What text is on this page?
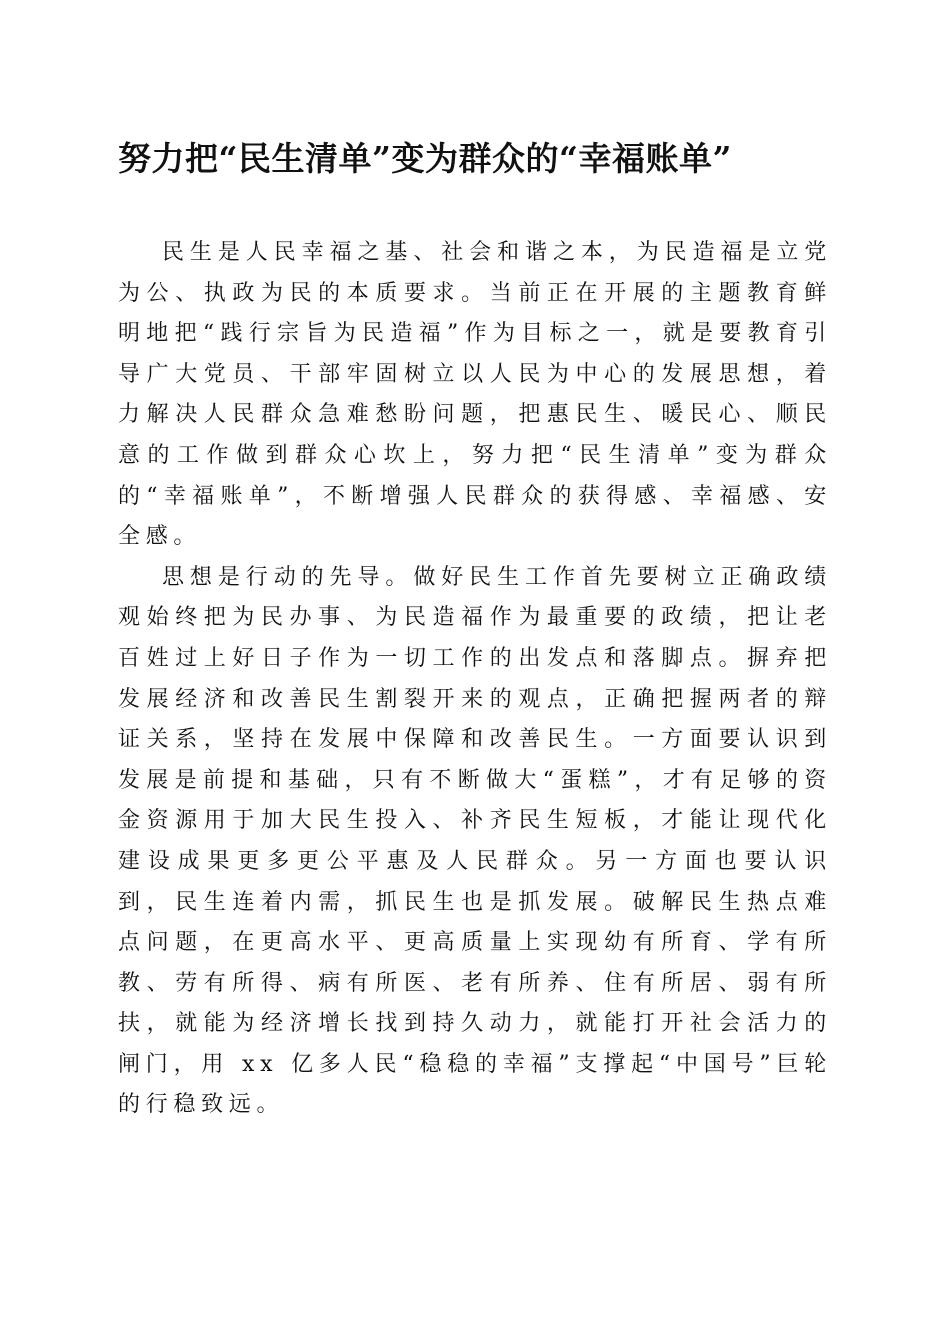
努力把“民生清单”变为群众的“幸福账单”

民生是人民幸福之基、社会和谐之本，为民造福是立党为公、执政为民的本质要求。当前正在开展的主题教育鲜明地把“践行宗旨为民造福”作为目标之一，就是要教育引导广大党员、干部牢固树立以人民为中心的发展思想，着力解决人民群众急难愁盼问题，把惠民生、暖民心、顺民意的工作做到群众心坎上，努力把“民生清单”变为群众的“幸福账单”，不断增强人民群众的获得感、幸福感、安全感。

思想是行动的先导。做好民生工作首先要树立正确政绩观始终把为民办事、为民造福作为最重要的政绩，把让老百姓过上好日子作为一切工作的出发点和落脚点。摒弃把发展经济和改善民生割裂开来的观点，正确把握两者的辩证关系，坚持在发展中保障和改善民生。一方面要认识到发展是前提和基础，只有不断做大“蛋糕”，才有足够的资金资源用于加大民生投入、补齐民生短板，才能让现代化建设成果更多更公平惠及人民群众。另一方面也要认识到，民生连着内需，抓民生也是抓发展。破解民生热点难点问题，在更高水平、更高质量上实现幼有所育、学有所教、劳有所得、病有所医、老有所养、住有所居、弱有所扶，就能为经济增长找到持久动力，就能打开社会活力的闸门，用 xx 亿多人民“稳稳的幸福”支撑起“中国号”巨轮的行稳致远。
